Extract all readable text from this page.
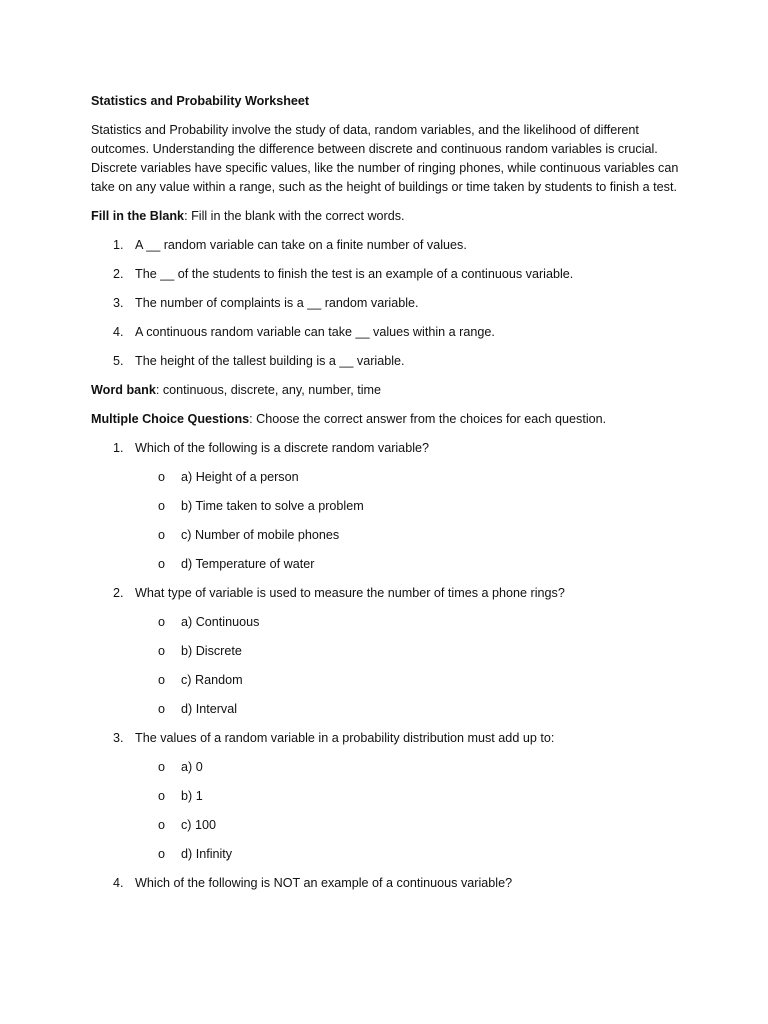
Statistics and Probability Worksheet
Statistics and Probability involve the study of data, random variables, and the likelihood of different outcomes. Understanding the difference between discrete and continuous random variables is crucial. Discrete variables have specific values, like the number of ringing phones, while continuous variables can take on any value within a range, such as the height of buildings or time taken by students to finish a test.
Fill in the Blank: Fill in the blank with the correct words.
1. A __ random variable can take on a finite number of values.
2. The __ of the students to finish the test is an example of a continuous variable.
3. The number of complaints is a __ random variable.
4. A continuous random variable can take __ values within a range.
5. The height of the tallest building is a __ variable.
Word bank: continuous, discrete, any, number, time
Multiple Choice Questions: Choose the correct answer from the choices for each question.
1. Which of the following is a discrete random variable?
o a) Height of a person
o b) Time taken to solve a problem
o c) Number of mobile phones
o d) Temperature of water
2. What type of variable is used to measure the number of times a phone rings?
o a) Continuous
o b) Discrete
o c) Random
o d) Interval
3. The values of a random variable in a probability distribution must add up to:
o a) 0
o b) 1
o c) 100
o d) Infinity
4. Which of the following is NOT an example of a continuous variable?
